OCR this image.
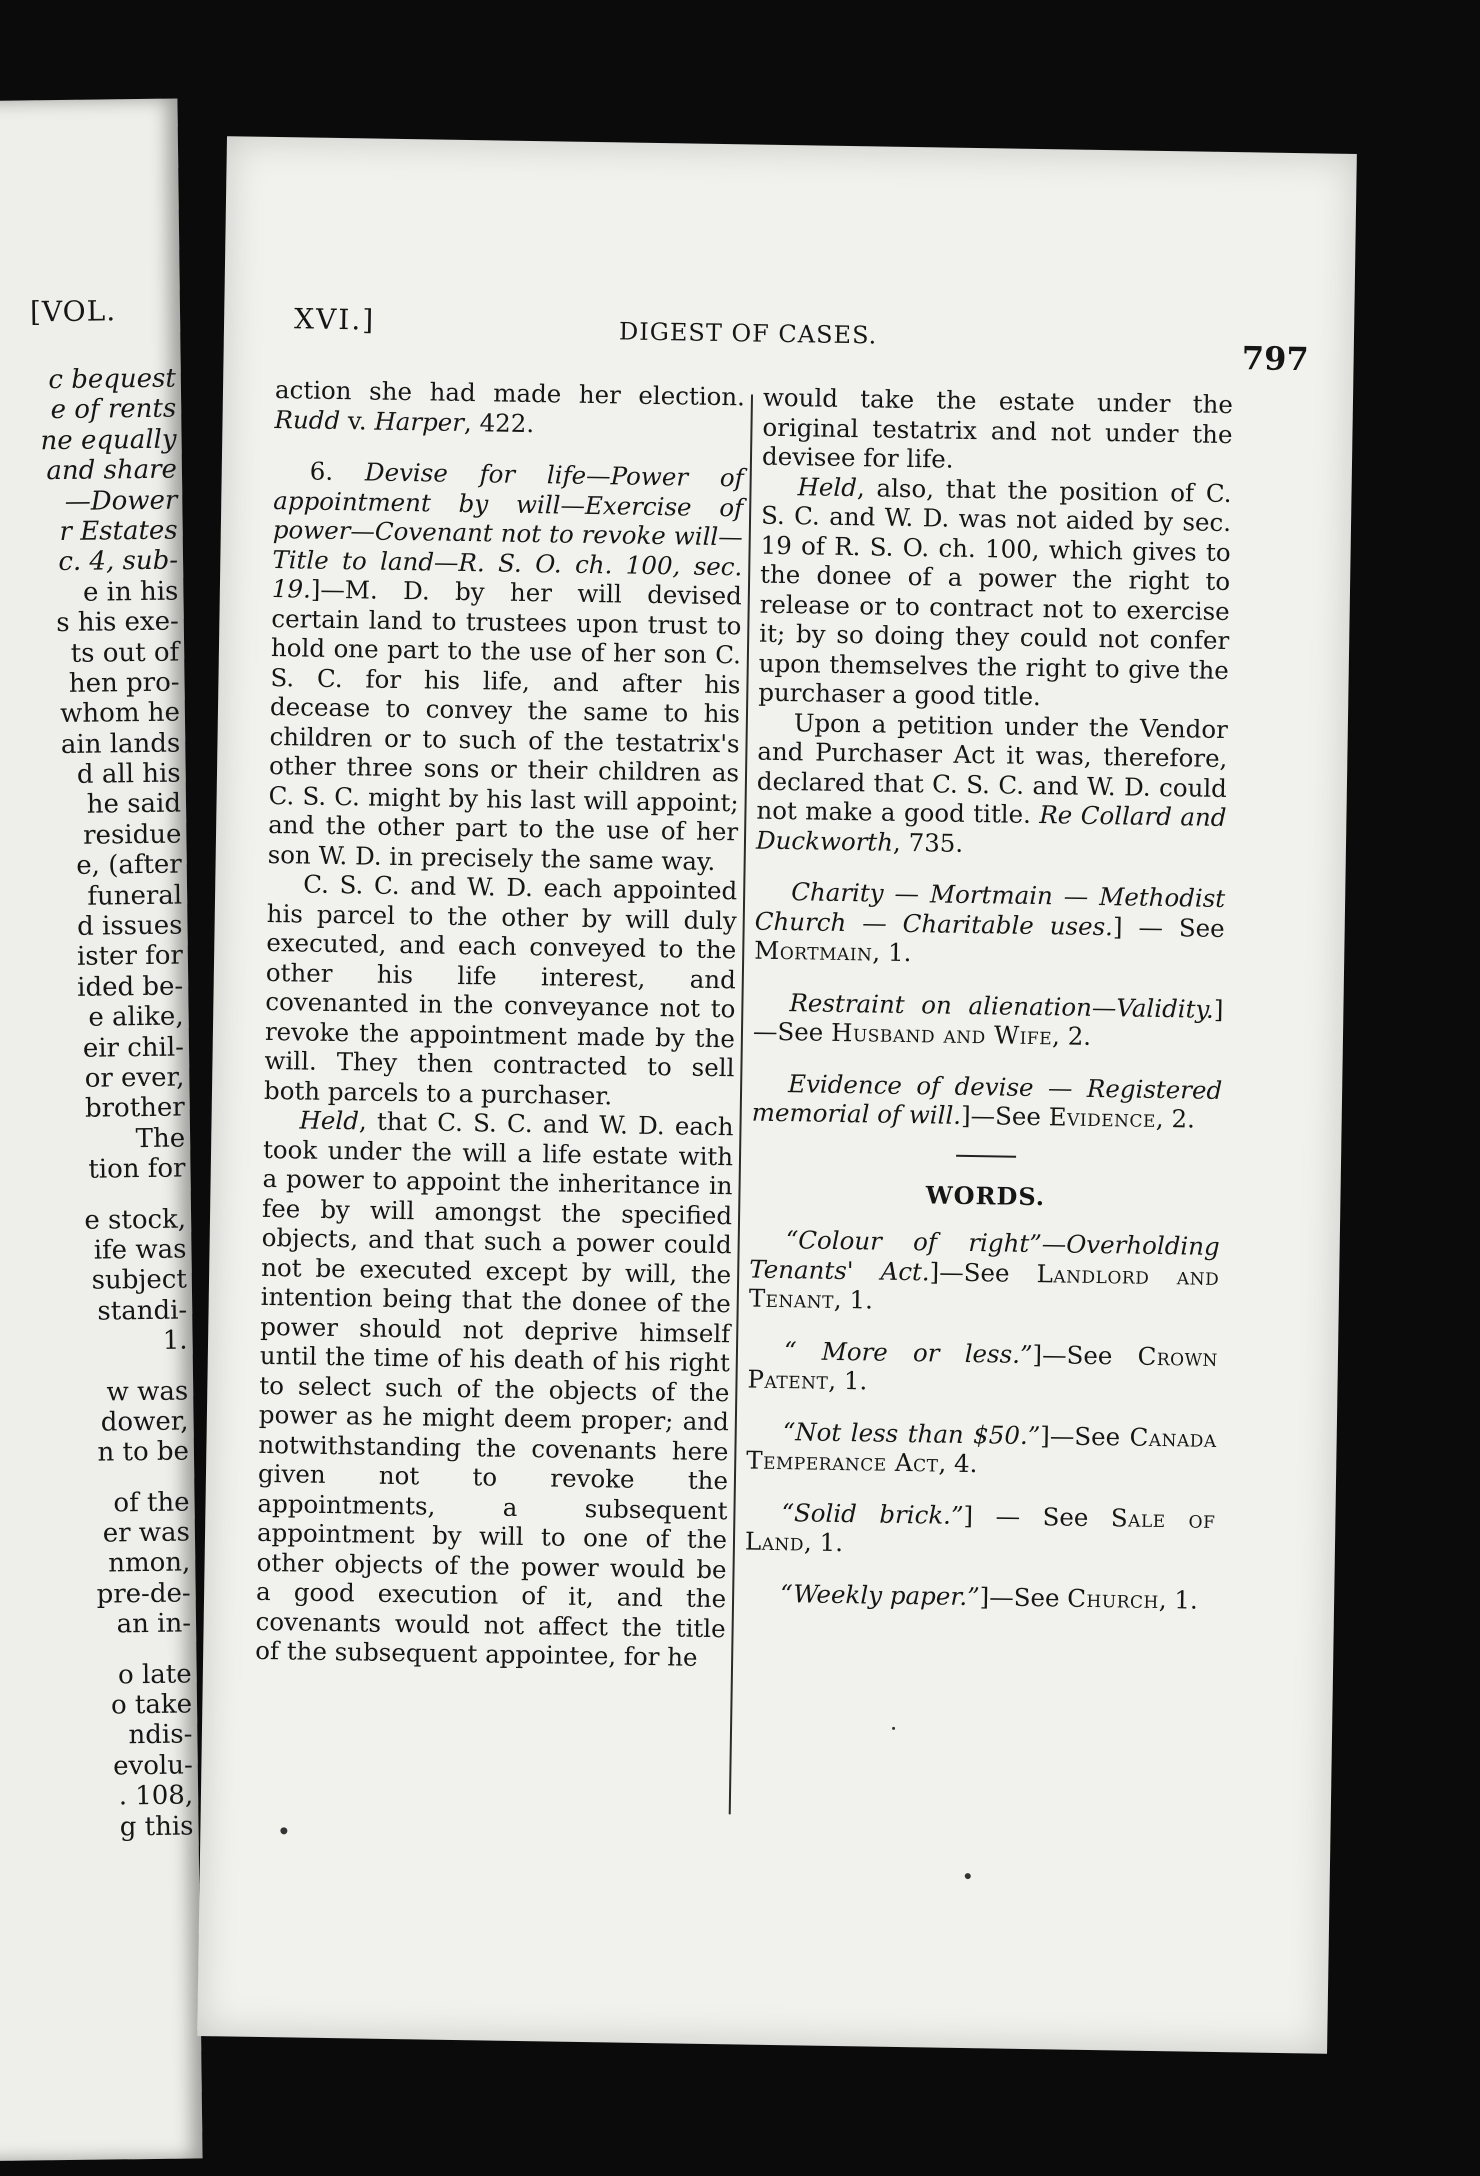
[VOL.
c bequest
e of rents
ne equally
and share
—Dower
r Estates
c. 4, sub-
e in his
s his exe-
ts out of
hen pro-
whom he
ain lands
d all his
he said
residue
e, (after
funeral
d issues
ister for
ided be-
e alike,
eir chil-
or ever,
brother
The
tion for
e stock,
ife was
subject
standi-
1.
w was
dower,
n to be
of the
er was
nmon,
pre-de-
an in-
o late
o take
ndis-
evolu-
. 108,
g this
XVI.]	DIGEST OF CASES.
797

action she had made her election. Rudd v. Harper, 422.

6. Devise for life—Power of appointment by will—Exercise of power—Covenant not to revoke will—Title to land—R. S. O. ch. 100, sec. 19.]—M. D. by her will devised certain land to trustees upon trust to hold one part to the use of her son C. S. C. for his life, and after his decease to convey the same to his children or to such of the testatrix's other three sons or their children as C. S. C. might by his last will appoint; and the other part to the use of her son W. D. in precisely the same way.

C. S. C. and W. D. each appointed his parcel to the other by will duly executed, and each conveyed to the other his life interest, and covenanted in the conveyance not to revoke the appointment made by the will. They then contracted to sell both parcels to a purchaser.

Held, that C. S. C. and W. D. each took under the will a life estate with a power to appoint the inheritance in fee by will amongst the specified objects, and that such a power could not be executed except by will, the intention being that the donee of the power should not deprive himself until the time of his death of his right to select such of the objects of the power as he might deem proper; and notwithstanding the covenants here given not to revoke the appointments, a subsequent appointment by will to one of the other objects of the power would be a good execution of it, and the covenants would not affect the title of the subsequent appointee, for he

would take the estate under the original testatrix and not under the devisee for life.

Held, also, that the position of C. S. C. and W. D. was not aided by sec. 19 of R. S. O. ch. 100, which gives to the donee of a power the right to release or to contract not to exercise it; by so doing they could not confer upon themselves the right to give the purchaser a good title.

Upon a petition under the Vendor and Purchaser Act it was, therefore, declared that C. S. C. and W. D. could not make a good title. Re Collard and Duckworth, 735.

Charity — Mortmain — Methodist Church — Charitable uses.] — See Mortmain, 1.

Restraint on alienation—Validity.]—See Husband and Wife, 2.

Evidence of devise — Registered memorial of will.]—See Evidence, 2.

WORDS.

“Colour of right”—Overholding Tenants' Act.]—See Landlord and Tenant, 1.

“ More or less.”]—See Crown Patent, 1.

“Not less than $50.”]—See Canada Temperance Act, 4.

“Solid brick.”] — See Sale of Land, 1.

“Weekly paper.”]—See Church, 1.
